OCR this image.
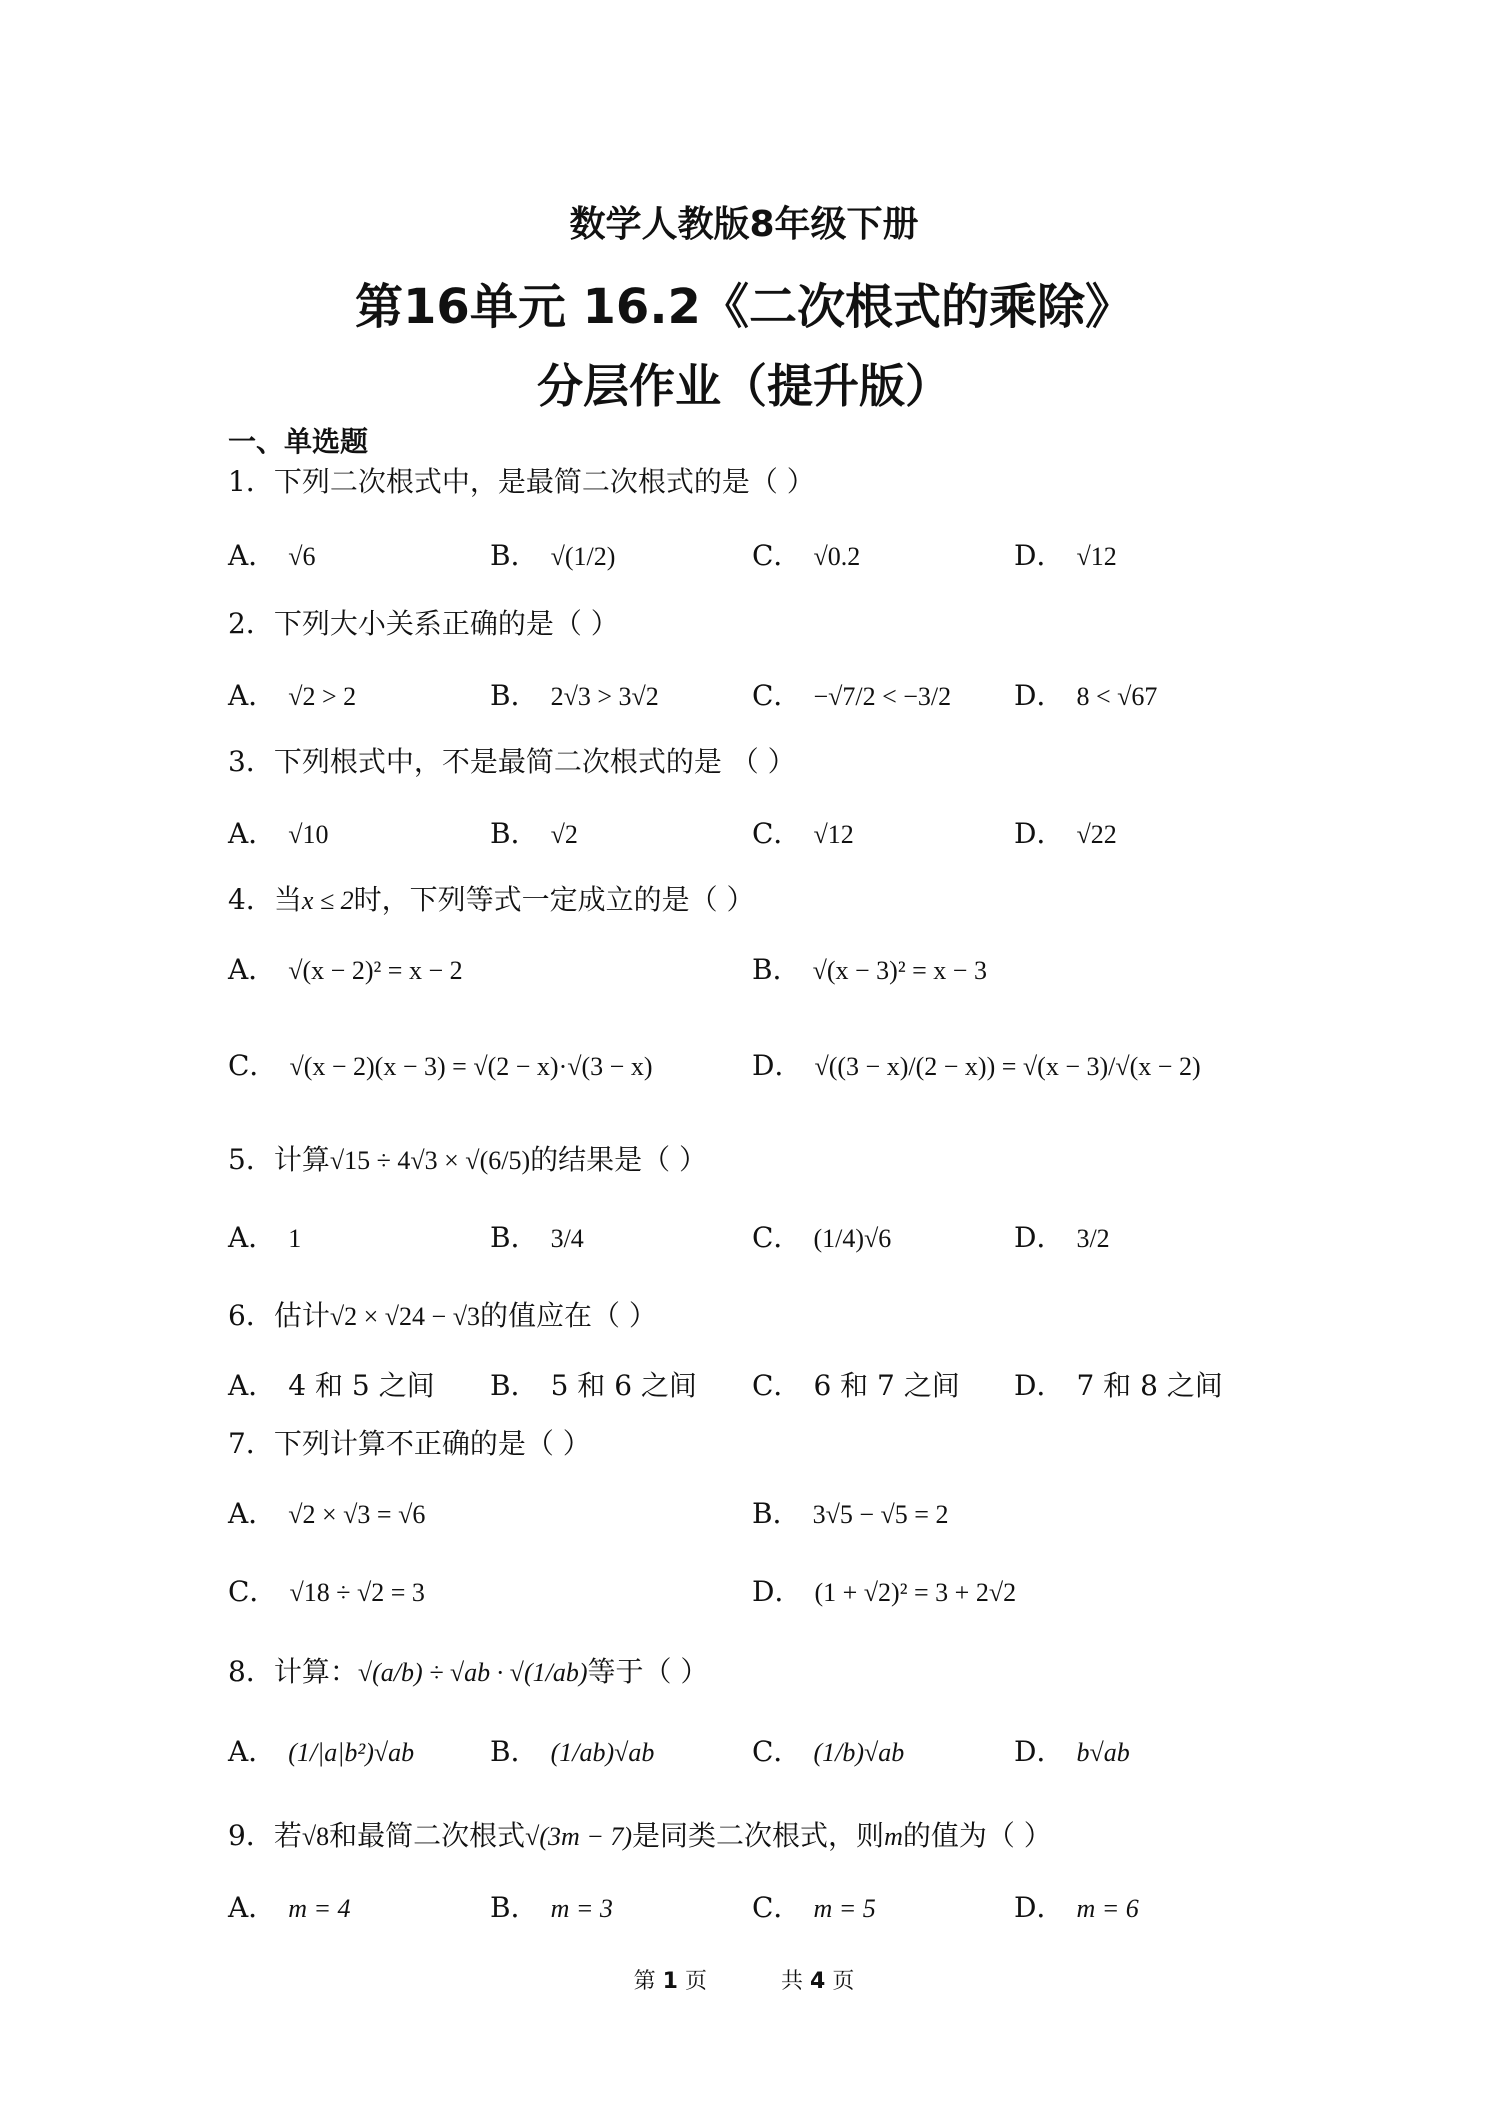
数学人教版8年级下册
第16单元 16.2《二次根式的乘除》
分层作业（提升版）
一、单选题
1．下列二次根式中，是最简二次根式的是（ ）
A． √6	B． √(1/2)	C． √0.2	D． √12
2．下列大小关系正确的是（ ）
A． √2 > 2	B． 2√3 > 3√2	C． −√7/2 < −3/2 D． 8 < √67
3．下列根式中，不是最简二次根式的是 （ ）
A． √10	B． √2	C． √12	D． √22
4．当x ≤ 2时，下列等式一定成立的是（ ）
A． √(x − 2)² = x − 2	B． √(x − 3)² = x − 3
C． √(x − 2)(x − 3) = √(2 − x)·√(3 − x)	D． √((3 − x)/(2 − x)) = √(x − 3)/√(x − 2)
5．计算√15 ÷ 4√3 × √(6/5)的结果是（ ）
A． 1	B． 3/4	C． (1/4)√6	D． 3/2
6．估计√2 × √24 − √3的值应在（ ）
A． 4 和 5 之间 B． 5 和 6 之间 C． 6 和 7 之间 D． 7 和 8 之间
7．下列计算不正确的是（ ）
A． √2 × √3 = √6	B． 3√5 − √5 = 2
C． √18 ÷ √2 = 3	D． (1 + √2)² = 3 + 2√2
8．计算：√(a/b) ÷ √ab · √(1/ab)等于（ ）
A． (1/|a|b²)√ab	B． (1/ab)√ab	C． (1/b)√ab	D． b√ab
9．若√8和最简二次根式√(3m − 7)是同类二次根式，则m的值为（ ）
A． m = 4	B． m = 3	C． m = 5	D． m = 6
第 1 页	共 4 页
